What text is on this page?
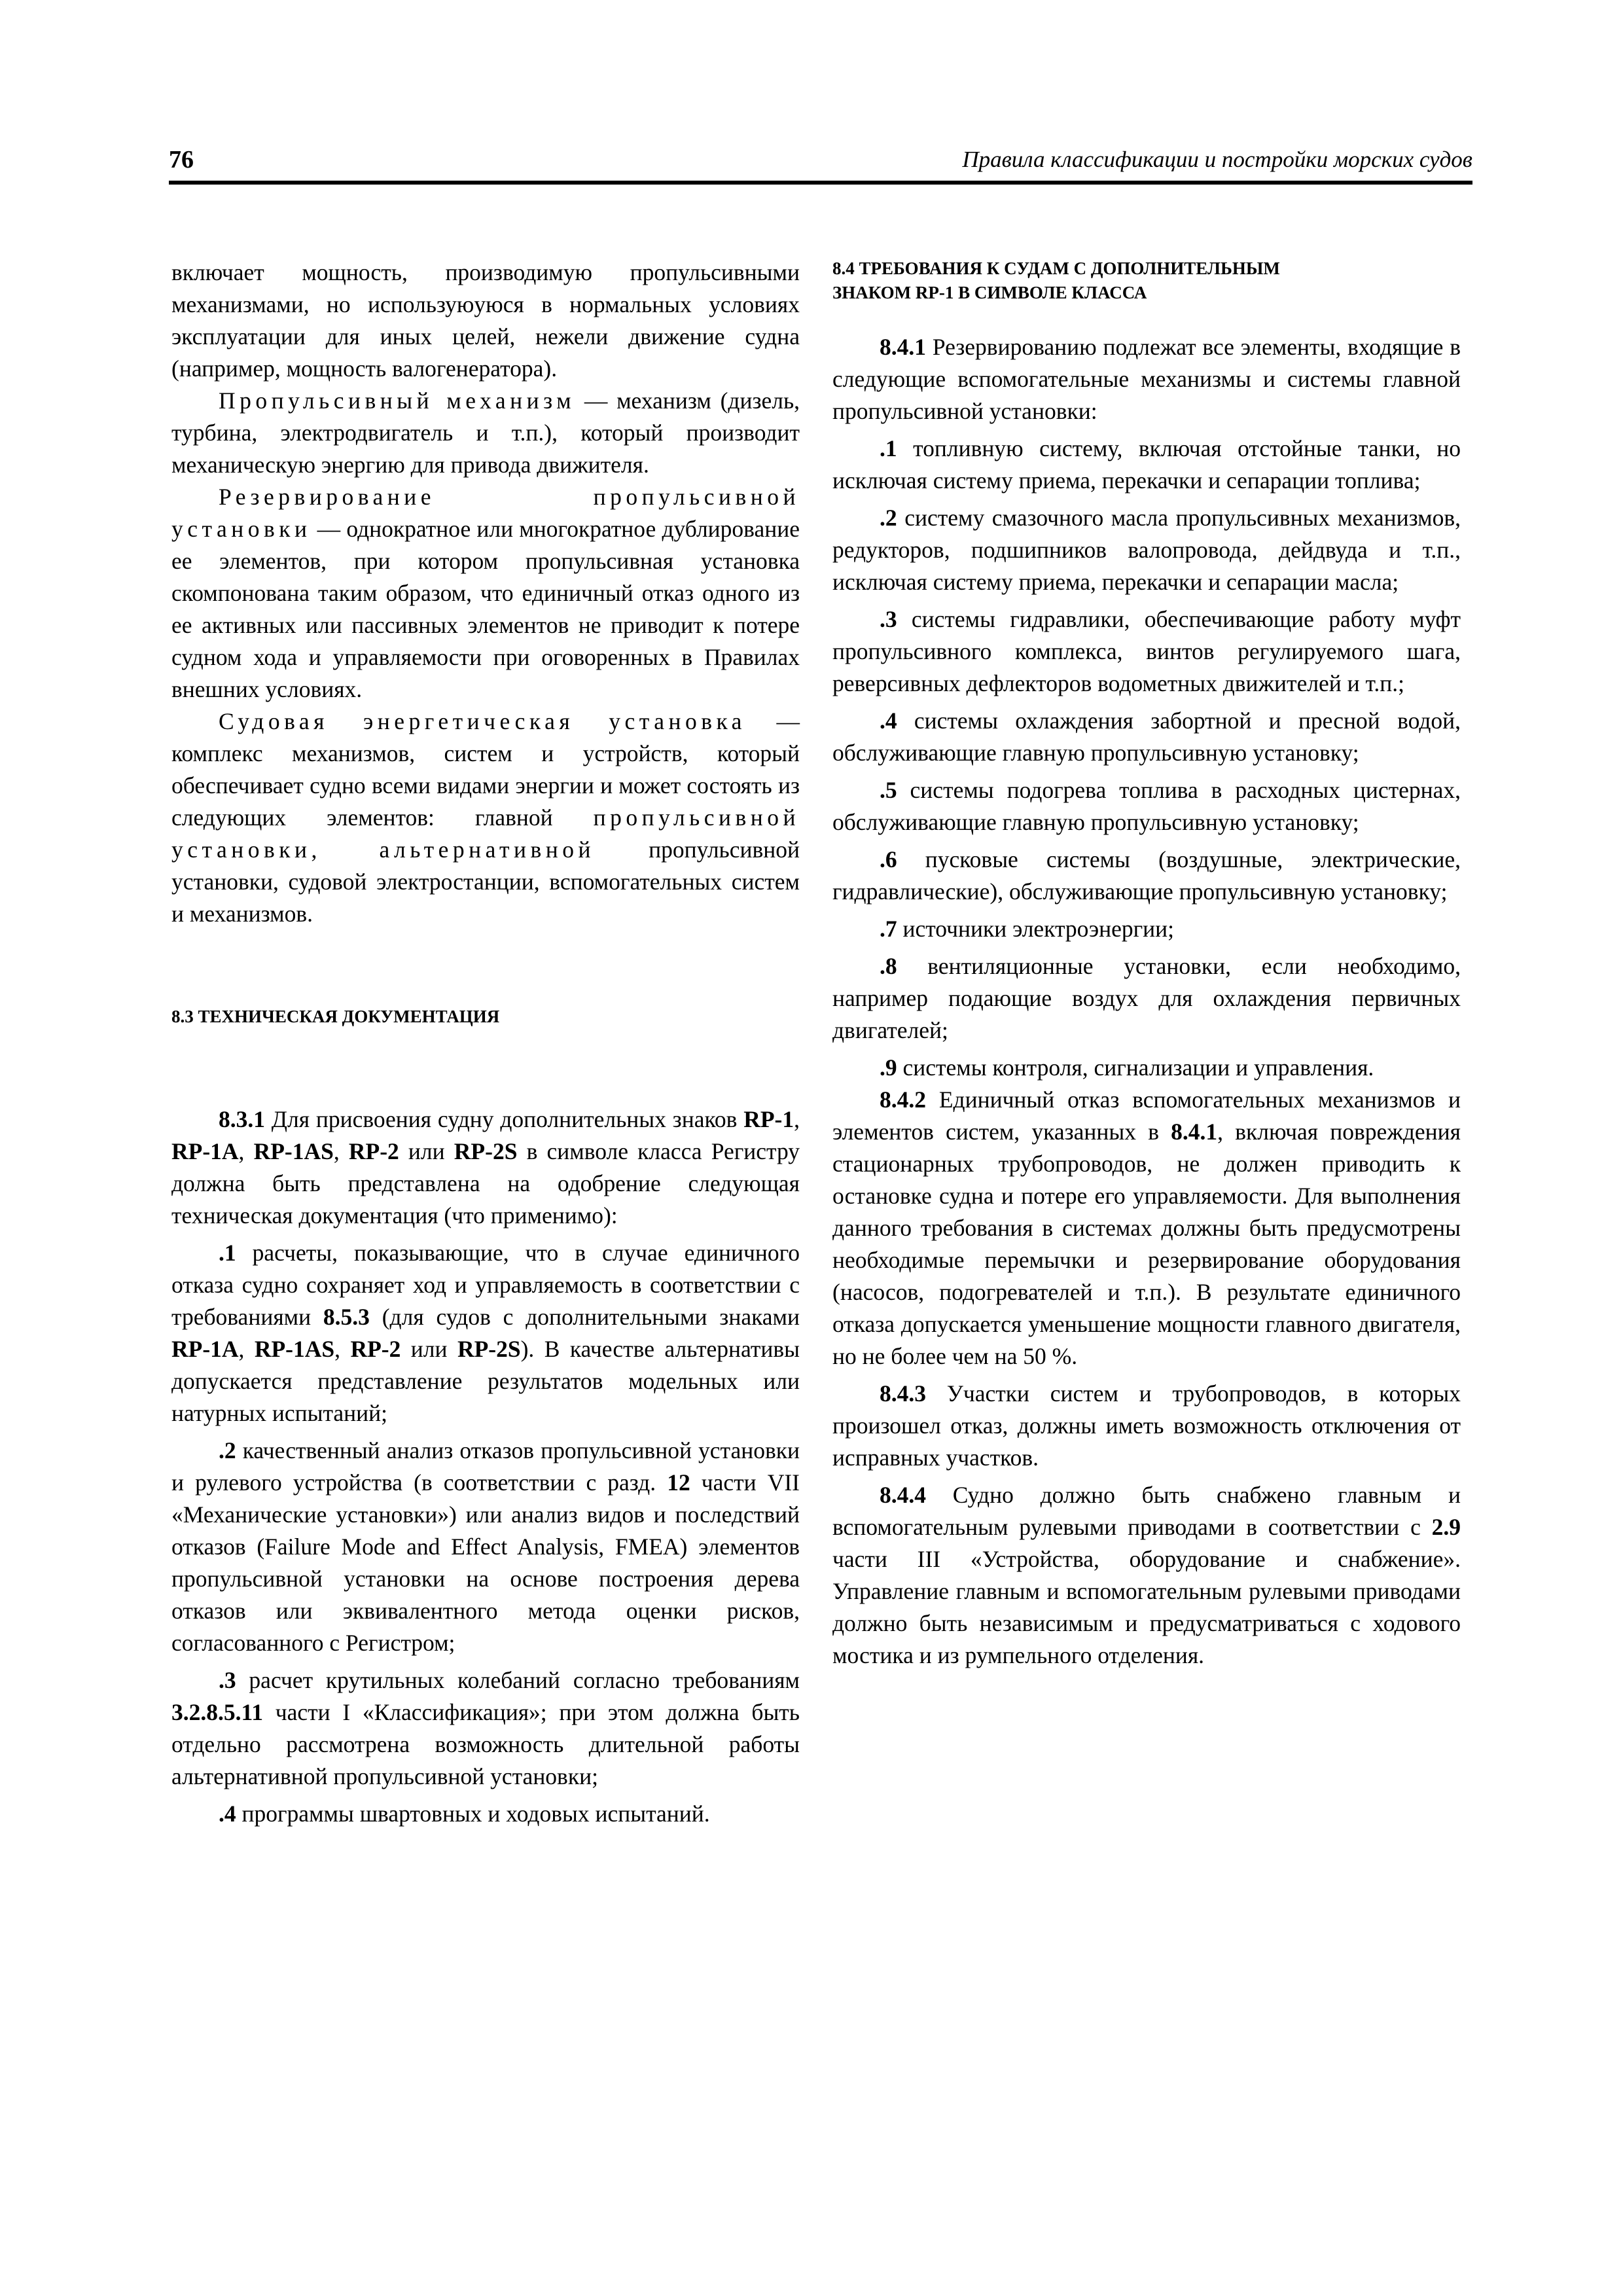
76	Правила классификации и постройки морских судов

включает мощность, производимую пропульсивными механизмами, но используюуюся в нормальных условиях эксплуатации для иных целей, нежели движение судна (например, мощность валогенератора).

Пропульсивный механизм — механизм (дизель, турбина, электродвигатель и т.п.), который производит механическую энергию для привода движителя.

Резервирование пропульсивной установки — однократное или многократное дублирование ее элементов, при котором пропульсивная установка скомпонована таким образом, что единичный отказ одного из ее активных или пассивных элементов не приводит к потере судном хода и управляемости при оговоренных в Правилах внешних условиях.

Судовая энергетическая установка — комплекс механизмов, систем и устройств, который обеспечивает судно всеми видами энергии и может состоять из следующих элементов: главной пропульсивной установки, альтернативной пропульсивной установки, судовой электростанции, вспомогательных систем и механизмов.

8.3 ТЕХНИЧЕСКАЯ ДОКУМЕНТАЦИЯ

8.3.1 Для присвоения судну дополнительных знаков RP-1, RP-1A, RP-1AS, RP-2 или RP-2S в символе класса Регистру должна быть представлена на одобрение следующая техническая документация (что применимо):

.1 расчеты, показывающие, что в случае единичного отказа судно сохраняет ход и управляемость в соответствии с требованиями 8.5.3 (для судов с дополнительными знаками RP-1A, RP-1AS, RP-2 или RP-2S). В качестве альтернативы допускается представление результатов модельных или натурных испытаний;

.2 качественный анализ отказов пропульсивной установки и рулевого устройства (в соответствии с разд. 12 части VII «Механические установки») или анализ видов и последствий отказов (Failure Mode and Effect Analysis, FMEA) элементов пропульсивной установки на основе построения дерева отказов или эквивалентного метода оценки рисков, согласованного с Регистром;

.3 расчет крутильных колебаний согласно требованиям 3.2.8.5.11 части I «Классификация»; при этом должна быть отдельно рассмотрена возможность длительной работы альтернативной пропульсивной установки;

.4 программы швартовных и ходовых испытаний.

8.4 ТРЕБОВАНИЯ К СУДАМ С ДОПОЛНИТЕЛЬНЫМ
ЗНАКОМ RP-1 В СИМВОЛЕ КЛАССА

8.4.1 Резервированию подлежат все элементы, входящие в следующие вспомогательные механизмы и системы главной пропульсивной установки:

.1 топливную систему, включая отстойные танки, но исключая систему приема, перекачки и сепарации топлива;

.2 систему смазочного масла пропульсивных механизмов, редукторов, подшипников валопровода, дейдвуда и т.п., исключая систему приема, перекачки и сепарации масла;

.3 системы гидравлики, обеспечивающие работу муфт пропульсивного комплекса, винтов регулируемого шага, реверсивных дефлекторов водометных движителей и т.п.;

.4 системы охлаждения забортной и пресной водой, обслуживающие главную пропульсивную установку;

.5 системы подогрева топлива в расходных цистернах, обслуживающие главную пропульсивную установку;

.6 пусковые системы (воздушные, электрические, гидравлические), обслуживающие пропульсивную установку;

.7 источники электроэнергии;

.8 вентиляционные установки, если необходимо, например подающие воздух для охлаждения первичных двигателей;

.9 системы контроля, сигнализации и управления.

8.4.2 Единичный отказ вспомогательных механизмов и элементов систем, указанных в 8.4.1, включая повреждения стационарных трубопроводов, не должен приводить к остановке судна и потере его управляемости. Для выполнения данного требования в системах должны быть предусмотрены необходимые перемычки и резервирование оборудования (насосов, подогревателей и т.п.). В результате единичного отказа допускается уменьшение мощности главного двигателя, но не более чем на 50 %.

8.4.3 Участки систем и трубопроводов, в которых произошел отказ, должны иметь возможность отключения от исправных участков.

8.4.4 Судно должно быть снабжено главным и вспомогательным рулевыми приводами в соответствии с 2.9 части III «Устройства, оборудование и снабжение». Управление главным и вспомогательным рулевыми приводами должно быть независимым и предусматриваться с ходового мостика и из румпельного отделения.
